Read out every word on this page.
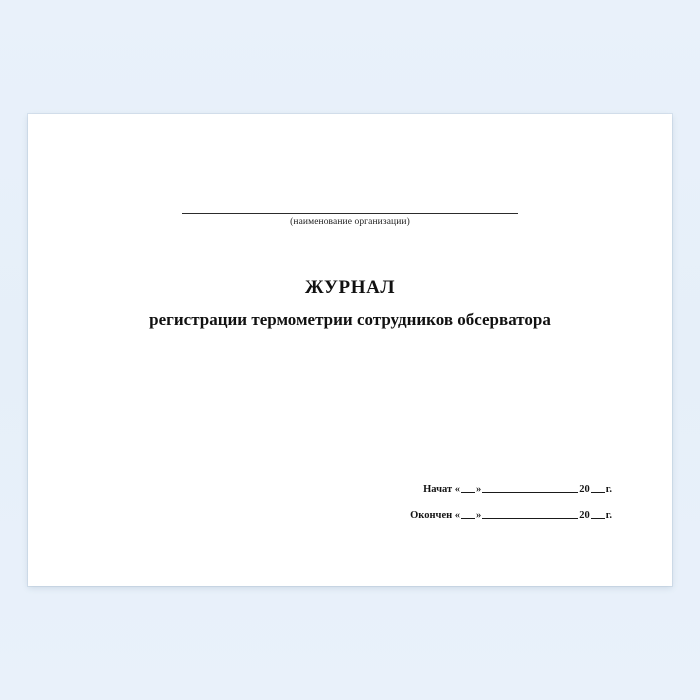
(наименование организации)
ЖУРНАЛ
регистрации термометрии сотрудников обсерватора
Начат « »	20 г.
Окончен « »	20 г.
